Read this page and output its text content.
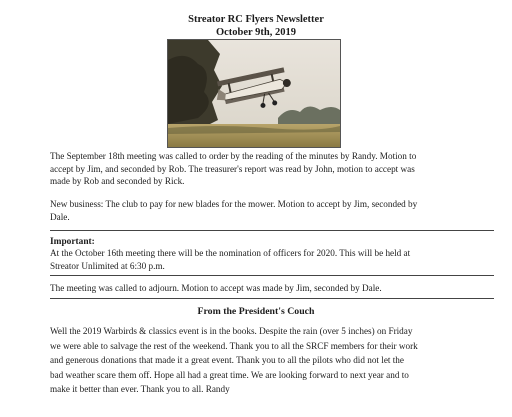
Streator RC Flyers Newsletter
October 9th, 2019
The September 18th meeting was called to order by the reading of the minutes by Randy. Motion to
accept by Jim, and seconded by Rob. The treasurer's report was read by John, motion to accept was
made by Rob and seconded by Rick.
New business: The club to pay for new blades for the mower. Motion to accept by Jim, seconded by
Dale.
Important:
At the October 16th meeting there will be the nomination of officers for 2020. This will be held at
Streator Unlimited at 6:30 p.m.
The meeting was called to adjourn. Motion to accept was made by Jim, seconded by Dale.
From the President's Couch
Well the 2019 Warbirds & classics event is in the books. Despite the rain (over 5 inches) on Friday
we were able to salvage the rest of the weekend. Thank you to all the SRCF members for their work
and generous donations that made it a great event. Thank you to all the pilots who did not let the
bad weather scare them off. Hope all had a great time. We are looking forward to next year and to
make it better than ever. Thank you to all. Randy
